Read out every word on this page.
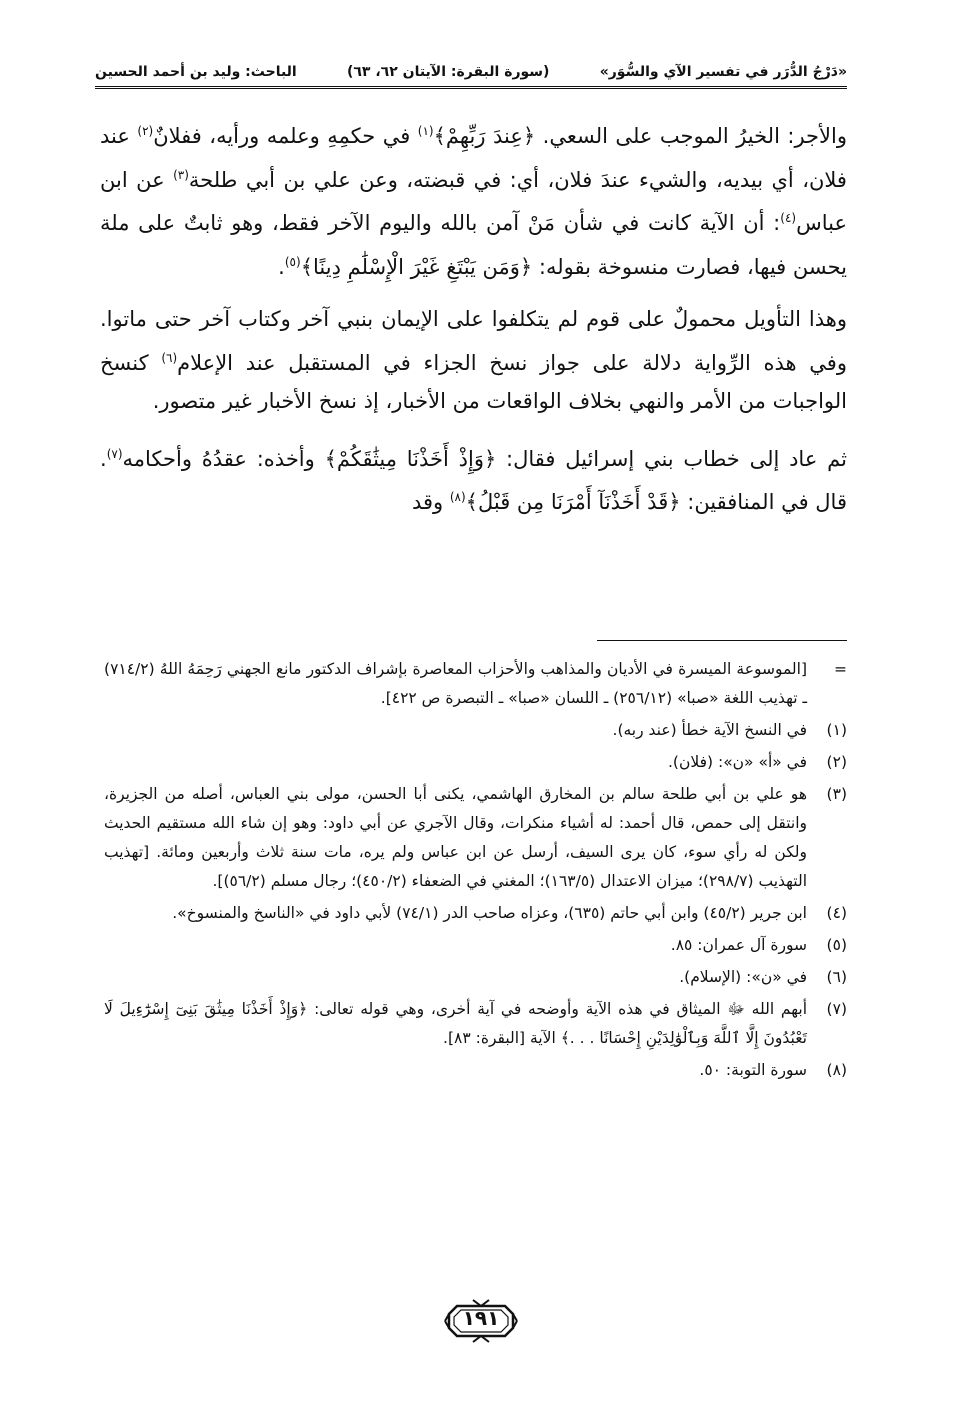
«دَرْجُ الدُّرَر في تفسير الآي والسُّوَر»
(سورة البقرة: الآيتان ٦٢، ٦٣)
الباحث: وليد بن أحمد الحسين

والأجر: الخيرُ الموجب على السعي. ﴿عِندَ رَبِّهِمْ﴾$^{(١)}$ في حكمِهِ وعلمه ورأيه، ففلانٌ$^{(٢)}$ عند فلان، أي بيديه، والشيء عندَ فلان، أي: في قبضته، وعن علي بن أبي طلحة$^{(٣)}$ عن ابن عباس$^{(٤)}$: أن الآية كانت في شأن مَنْ آمن بالله واليوم الآخر فقط، وهو ثابتٌ على ملة يحسن فيها، فصارت منسوخة بقوله: ﴿وَمَن يَبْتَغِ غَيْرَ الْإِسْلَٰمِ دِينًا﴾$^{(٥)}$.

وهذا التأويل محمولٌ على قوم لم يتكلفوا على الإيمان بنبي آخر وكتاب آخر حتى ماتوا. وفي هذه الرِّواية دلالة على جواز نسخ الجزاء في المستقبل عند الإعلام$^{(٦)}$ كنسخ الواجبات من الأمر والنهي بخلاف الواقعات من الأخبار، إذ نسخ الأخبار غير متصور.

ثم عاد إلى خطاب بني إسرائيل فقال: ﴿وَإِذْ أَخَذْنَا مِيثَٰقَكُمْ﴾ وأخذه: عقدُهُ وأحكامه$^{(٧)}$. قال في المنافقين: ﴿قَدْ أَخَذْنَآ أَمْرَنَا مِن قَبْلُ﴾$^{(٨)}$ وقد

=
[الموسوعة الميسرة في الأديان والمذاهب والأحزاب المعاصرة بإشراف الدكتور مانع الجهني رَحِمَهُ اللهُ (٧١٤/٢) ـ تهذيب اللغة «صبا» (٢٥٦/١٢) ـ اللسان «صبا» ـ التبصرة ص ٤٢٢].
(١)
في النسخ الآية خطأ (عند ربه).
(٢)
في «أ» «ن»: (فلان).
(٣)
هو علي بن أبي طلحة سالم بن المخارق الهاشمي، يكنى أبا الحسن، مولى بني العباس، أصله من الجزيرة، وانتقل إلى حمص، قال أحمد: له أشياء منكرات، وقال الآجري عن أبي داود: وهو إن شاء الله مستقيم الحديث ولكن له رأي سوء، كان يرى السيف، أرسل عن ابن عباس ولم يره، مات سنة ثلاث وأربعين ومائة. [تهذيب التهذيب (٢٩٨/٧)؛ ميزان الاعتدال (١٦٣/٥)؛ المغني في الضعفاء (٤٥٠/٢)؛ رجال مسلم (٥٦/٢)].
(٤)
ابن جرير (٤٥/٢) وابن أبي حاتم (٦٣٥)، وعزاه صاحب الدر (٧٤/١) لأبي داود في «الناسخ والمنسوخ».
(٥)
سورة آل عمران: ٨٥.
(٦)
في «ن»: (الإسلام).
(٧)
أبهم الله ﷻ الميثاق في هذه الآية وأوضحه في آية أخرى، وهي قوله تعالى: ﴿وَإِذْ أَخَذْنَا مِيثَٰقَ بَنِىٓ إِسْرَٰٓءِيلَ لَا تَعْبُدُونَ إِلَّا ٱللَّهَ وَبِٱلْوَٰلِدَيْنِ إِحْسَانًا . . .﴾ الآية [البقرة: ٨٣].
(٨)
سورة التوبة: ٥٠.
١٩١
